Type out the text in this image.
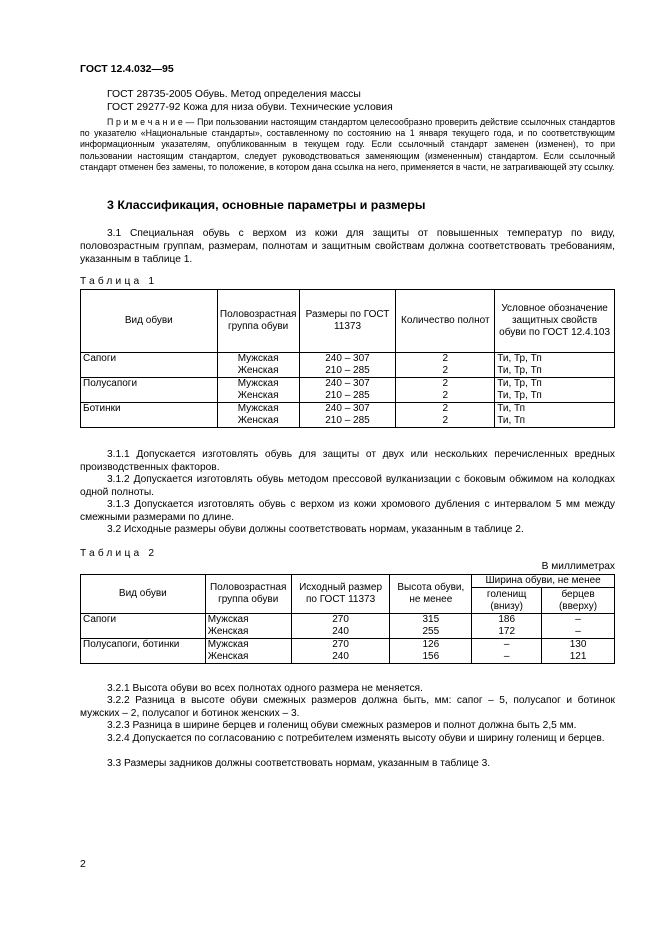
ГОСТ 12.4.032—95
ГОСТ 28735-2005 Обувь. Метод определения массы
ГОСТ 29277-92 Кожа для низа обуви. Технические условия
П р и м е ч а н и е — При пользовании настоящим стандартом целесообразно проверить действие ссылочных стандартов по указателю «Национальные стандарты», составленному по состоянию на 1 января текущего года, и по соответствующим информационным указателям, опубликованным в текущем году. Если ссылочный стандарт заменен (изменен), то при пользовании настоящим стандартом, следует руководствоваться заменяющим (измененным) стандартом. Если ссылочный стандарт отменен без замены, то положение, в котором дана ссылка на него, применяется в части, не затрагивающей эту ссылку.
3 Классификация, основные параметры и размеры
3.1 Специальная обувь с верхом из кожи для защиты от повышенных температур по виду, половозрастным группам, размерам, полнотам и защитным свойствам должна соответствовать требованиям, указанным в таблице 1.
Таблица 1
Вид обуви	Половозрастная группа обуви	Размеры по ГОСТ 11373	Количество полнот	Условное обозначение защитных свойств обуви по ГОСТ 12.4.103
Сапоги	Мужская	240 – 307	2	Ти, Тр, Тп
	Женская	210 – 285	2	Ти, Тр, Тп
Полусапоги	Мужская	240 – 307	2	Ти, Тр, Тп
	Женская	210 – 285	2	Ти, Тр, Тп
Ботинки	Мужская	240 – 307	2	Ти, Тп
	Женская	210 – 285	2	Ти, Тп
3.1.1 Допускается изготовлять обувь для защиты от двух или нескольких перечисленных вредных производственных факторов.
3.1.2 Допускается изготовлять обувь методом прессовой вулканизации с боковым обжимом на колодках одной полноты.
3.1.3 Допускается изготовлять обувь с верхом из кожи хромового дубления с интервалом 5 мм между смежными размерами по длине.
3.2 Исходные размеры обуви должны соответствовать нормам, указанным в таблице 2.
Таблица 2
В миллиметрах
Вид обуви	Половозрастная группа обуви	Исходный размер по ГОСТ 11373	Высота обуви, не менее	Ширина обуви, не менее	
				голенищ (внизу)	берцев (вверху)
Сапоги	Мужская	270	315	186	–
	Женская	240	255	172	–
Полусапоги, ботинки	Мужская	270	126	–	130
	Женская	240	156	–	121
3.2.1 Высота обуви во всех полнотах одного размера не меняется.
3.2.2 Разница в высоте обуви смежных размеров должна быть, мм: сапог – 5, полусапог и ботинок мужских – 2, полусапог и ботинок женских – 3.
3.2.3 Разница в ширине берцев и голенищ обуви смежных размеров и полнот должна быть 2,5 мм.
3.2.4 Допускается по согласованию с потребителем изменять высоту обуви и ширину голенищ и берцев.
3.3 Размеры задников должны соответствовать нормам, указанным в таблице 3.
2
